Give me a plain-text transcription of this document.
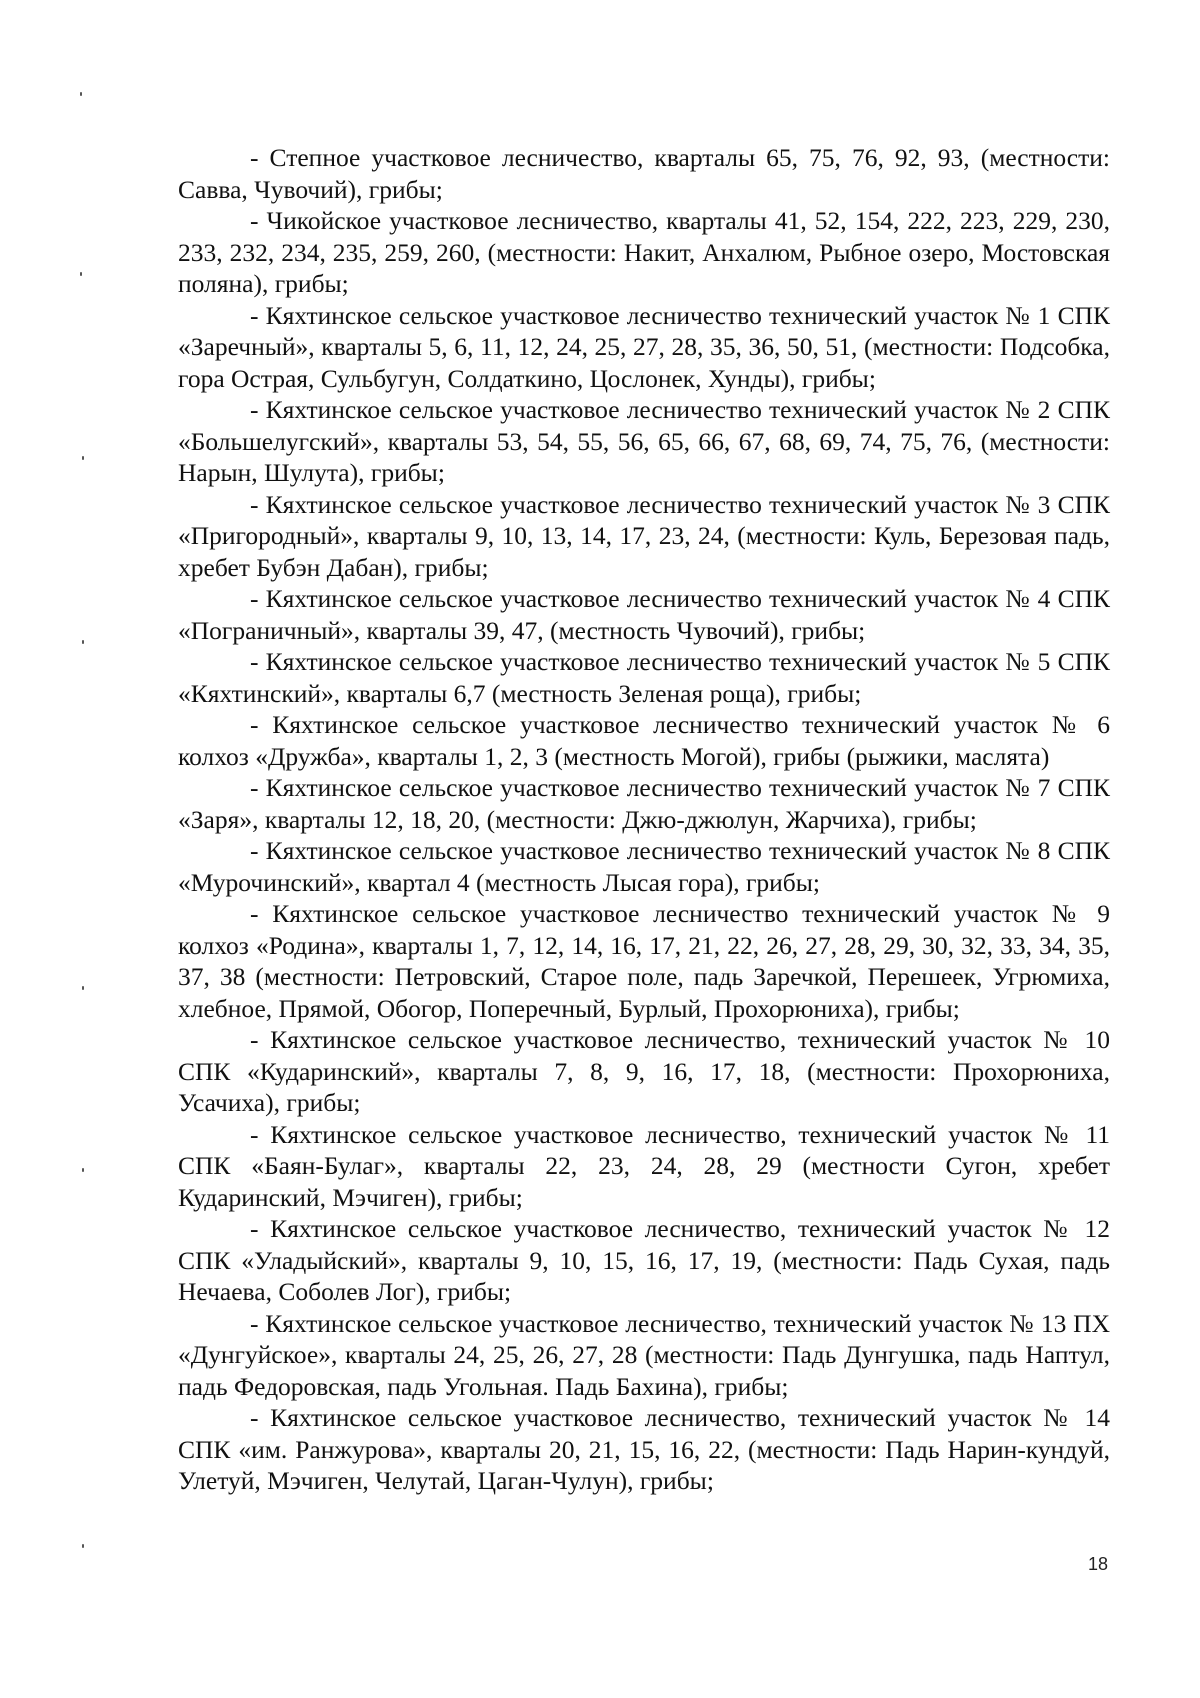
- Степное участковое лесничество, кварталы 65, 75, 76, 92, 93, (местности: Савва, Чувочий), грибы;

- Чикойское участковое лесничество, кварталы 41, 52, 154, 222, 223, 229, 230, 233, 232, 234, 235, 259, 260, (местности: Накит, Анхалюм, Рыбное озеро, Мостовская поляна), грибы;

- Кяхтинское сельское участковое лесничество технический участок № 1 СПК «Заречный», кварталы 5, 6, 11, 12, 24, 25, 27, 28, 35, 36, 50, 51, (местности: Подсобка, гора Острая, Сульбугун, Солдаткино, Цослонек, Хунды), грибы;

- Кяхтинское сельское участковое лесничество технический участок № 2 СПК «Большелугский», кварталы 53, 54, 55, 56, 65, 66, 67, 68, 69, 74, 75, 76, (местности: Нарын, Шулута), грибы;

- Кяхтинское сельское участковое лесничество технический участок № 3 СПК «Пригородный», кварталы 9, 10, 13, 14, 17, 23, 24, (местности: Куль, Березовая падь, хребет Бубэн Дабан), грибы;

- Кяхтинское сельское участковое лесничество технический участок № 4 СПК «Пограничный», кварталы 39, 47, (местность Чувочий), грибы;

- Кяхтинское сельское участковое лесничество технический участок № 5 СПК «Кяхтинский», кварталы 6,7 (местность Зеленая роща), грибы;

- Кяхтинское сельское участковое лесничество технический участок № 6 колхоз «Дружба», кварталы 1, 2, 3 (местность Могой), грибы (рыжики, маслята)

- Кяхтинское сельское участковое лесничество технический участок № 7 СПК «Заря», кварталы 12, 18, 20, (местности: Джю-джюлун, Жарчиха), грибы;

- Кяхтинское сельское участковое лесничество технический участок № 8 СПК «Мурочинский», квартал 4 (местность Лысая гора), грибы;

- Кяхтинское сельское участковое лесничество технический участок № 9 колхоз «Родина», кварталы 1, 7, 12, 14, 16, 17, 21, 22, 26, 27, 28, 29, 30, 32, 33, 34, 35, 37, 38 (местности: Петровский, Старое поле, падь Заречкой, Перешеек, Угрюмиха, хлебное, Прямой, Обогор, Поперечный, Бурлый, Прохорюниха), грибы;

- Кяхтинское сельское участковое лесничество, технический участок № 10 СПК «Кударинский», кварталы 7, 8, 9, 16, 17, 18, (местности: Прохорюниха, Усачиха), грибы;

- Кяхтинское сельское участковое лесничество, технический участок № 11 СПК «Баян-Булаг», кварталы 22, 23, 24, 28, 29 (местности Сугон, хребет Кударинский, Мэчиген), грибы;

- Кяхтинское сельское участковое лесничество, технический участок № 12 СПК «Уладыйский», кварталы 9, 10, 15, 16, 17, 19, (местности: Падь Сухая, падь Нечаева, Соболев Лог), грибы;

- Кяхтинское сельское участковое лесничество, технический участок № 13 ПХ «Дунгуйское», кварталы 24, 25, 26, 27, 28 (местности: Падь Дунгушка, падь Наптул, падь Федоровская, падь Угольная. Падь Бахина), грибы;

- Кяхтинское сельское участковое лесничество, технический участок № 14 СПК «им. Ранжурова», кварталы 20, 21, 15, 16, 22, (местности: Падь Нарин-кундуй, Улетуй, Мэчиген, Челутай, Цаган-Чулун), грибы;

18
